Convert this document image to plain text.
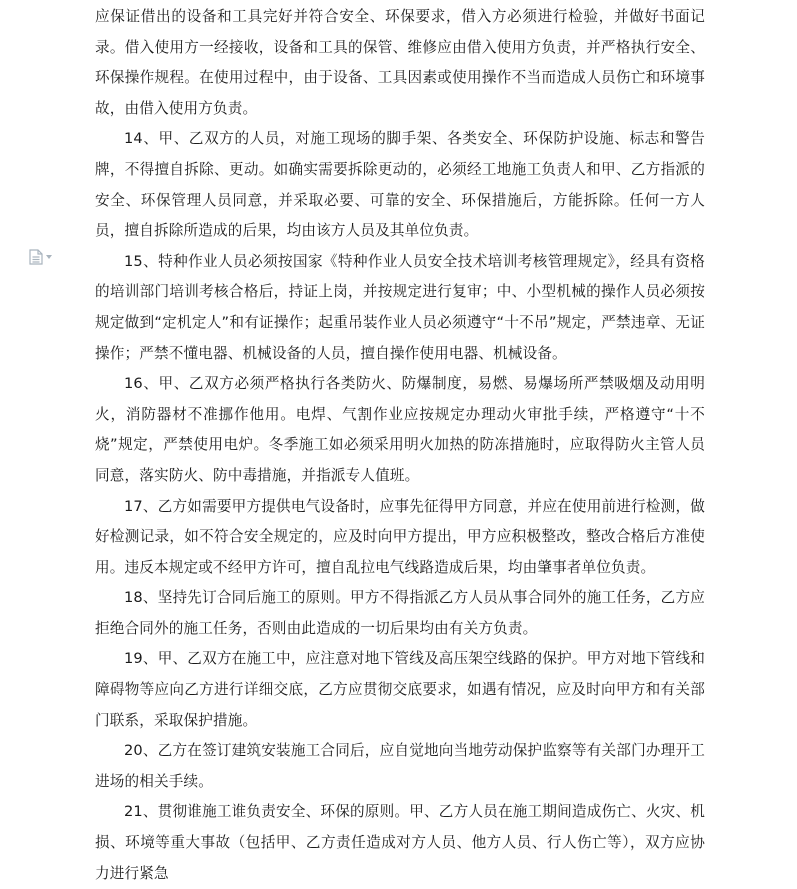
应保证借出的设备和工具完好并符合安全、环保要求，借入方必须进行检验，并做好书面记录。借入使用方一经接收，设备和工具的保管、维修应由借入使用方负责，并严格执行安全、环保操作规程。在使用过程中，由于设备、工具因素或使用操作不当而造成人员伤亡和环境事故，由借入使用方负责。

14、甲、乙双方的人员，对施工现场的脚手架、各类安全、环保防护设施、标志和警告牌，不得擅自拆除、更动。如确实需要拆除更动的，必须经工地施工负责人和甲、乙方指派的安全、环保管理人员同意，并采取必要、可靠的安全、环保措施后，方能拆除。任何一方人员，擅自拆除所造成的后果，均由该方人员及其单位负责。

15、特种作业人员必须按国家《特种作业人员安全技术培训考核管理规定》，经具有资格的培训部门培训考核合格后，持证上岗，并按规定进行复审；中、小型机械的操作人员必须按规定做到“定机定人”和有证操作；起重吊装作业人员必须遵守“十不吊”规定，严禁违章、无证操作；严禁不懂电器、机械设备的人员，擅自操作使用电器、机械设备。

16、甲、乙双方必须严格执行各类防火、防爆制度，易燃、易爆场所严禁吸烟及动用明火，消防器材不准挪作他用。电焊、气割作业应按规定办理动火审批手续，严格遵守“十不烧”规定，严禁使用电炉。冬季施工如必须采用明火加热的防冻措施时，应取得防火主管人员同意，落实防火、防中毒措施，并指派专人值班。

17、乙方如需要甲方提供电气设备时，应事先征得甲方同意，并应在使用前进行检测，做好检测记录，如不符合安全规定的，应及时向甲方提出，甲方应积极整改，整改合格后方准使用。违反本规定或不经甲方许可，擅自乱拉电气线路造成后果，均由肇事者单位负责。

18、坚持先订合同后施工的原则。甲方不得指派乙方人员从事合同外的施工任务，乙方应拒绝合同外的施工任务，否则由此造成的一切后果均由有关方负责。

19、甲、乙双方在施工中，应注意对地下管线及高压架空线路的保护。甲方对地下管线和障碍物等应向乙方进行详细交底，乙方应贯彻交底要求，如遇有情况，应及时向甲方和有关部门联系，采取保护措施。

20、乙方在签订建筑安装施工合同后，应自觉地向当地劳动保护监察等有关部门办理开工进场的相关手续。

21、贯彻谁施工谁负责安全、环保的原则。甲、乙方人员在施工期间造成伤亡、火灾、机损、环境等重大事故（包括甲、乙方责任造成对方人员、他方人员、行人伤亡等），双方应协力进行紧急
